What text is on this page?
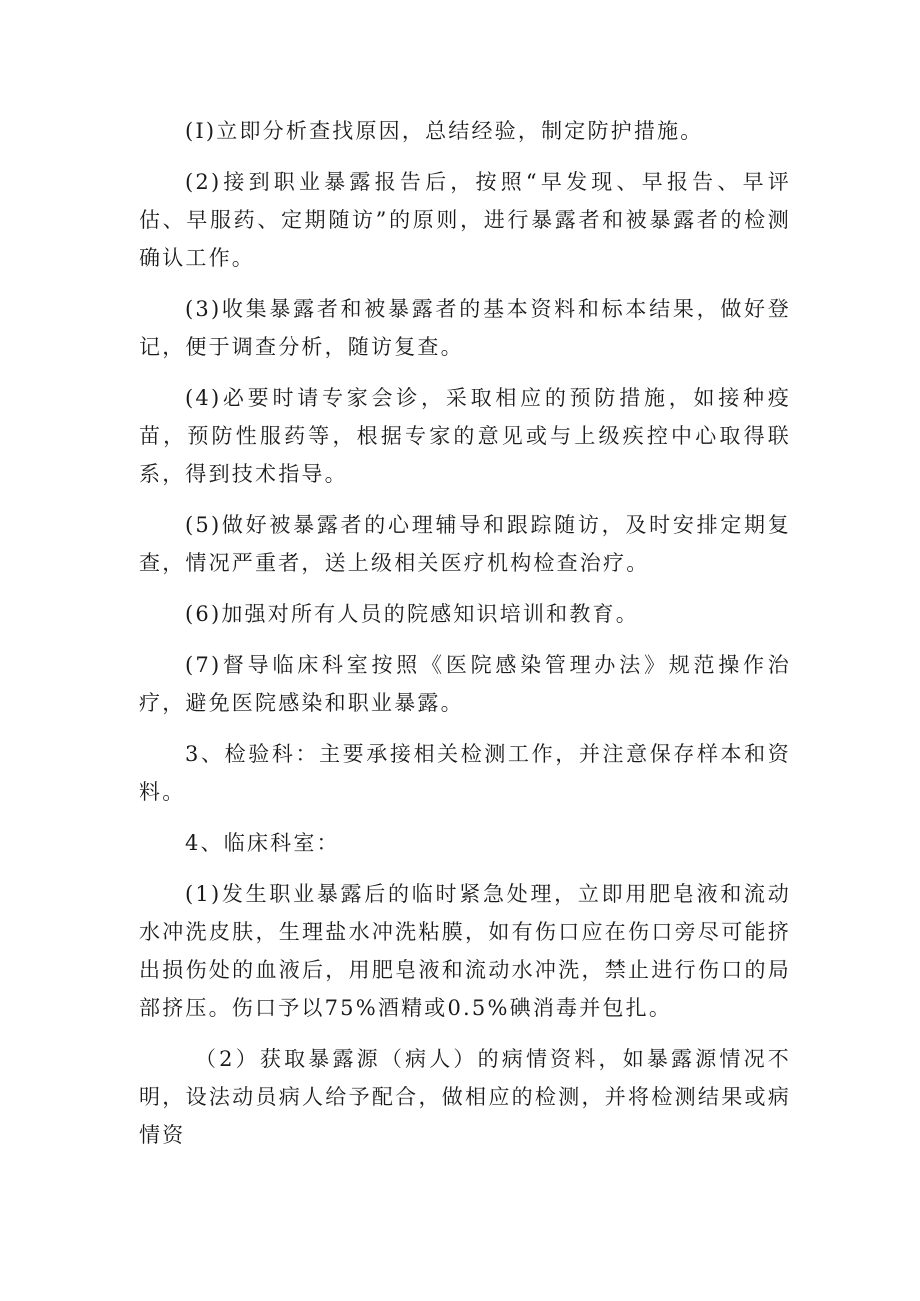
(I)立即分析查找原因，总结经验，制定防护措施。

(2)接到职业暴露报告后，按照“早发现、早报告、早评估、早服药、定期随访”的原则，进行暴露者和被暴露者的检测确认工作。

(3)收集暴露者和被暴露者的基本资料和标本结果，做好登记，便于调查分析，随访复查。

(4)必要时请专家会诊，采取相应的预防措施，如接种疫苗，预防性服药等，根据专家的意见或与上级疾控中心取得联系，得到技术指导。

(5)做好被暴露者的心理辅导和跟踪随访，及时安排定期复查，情况严重者，送上级相关医疗机构检查治疗。

(6)加强对所有人员的院感知识培训和教育。

(7)督导临床科室按照《医院感染管理办法》规范操作治疗，避免医院感染和职业暴露。

3、检验科：主要承接相关检测工作，并注意保存样本和资料。

4、临床科室：

(1)发生职业暴露后的临时紧急处理，立即用肥皂液和流动水冲洗皮肤，生理盐水冲洗粘膜，如有伤口应在伤口旁尽可能挤出损伤处的血液后，用肥皂液和流动水冲洗，禁止进行伤口的局部挤压。伤口予以75%酒精或0.5%碘消毒并包扎。

（2）获取暴露源（病人）的病情资料，如暴露源情况不明，设法动员病人给予配合，做相应的检测，并将检测结果或病情资
